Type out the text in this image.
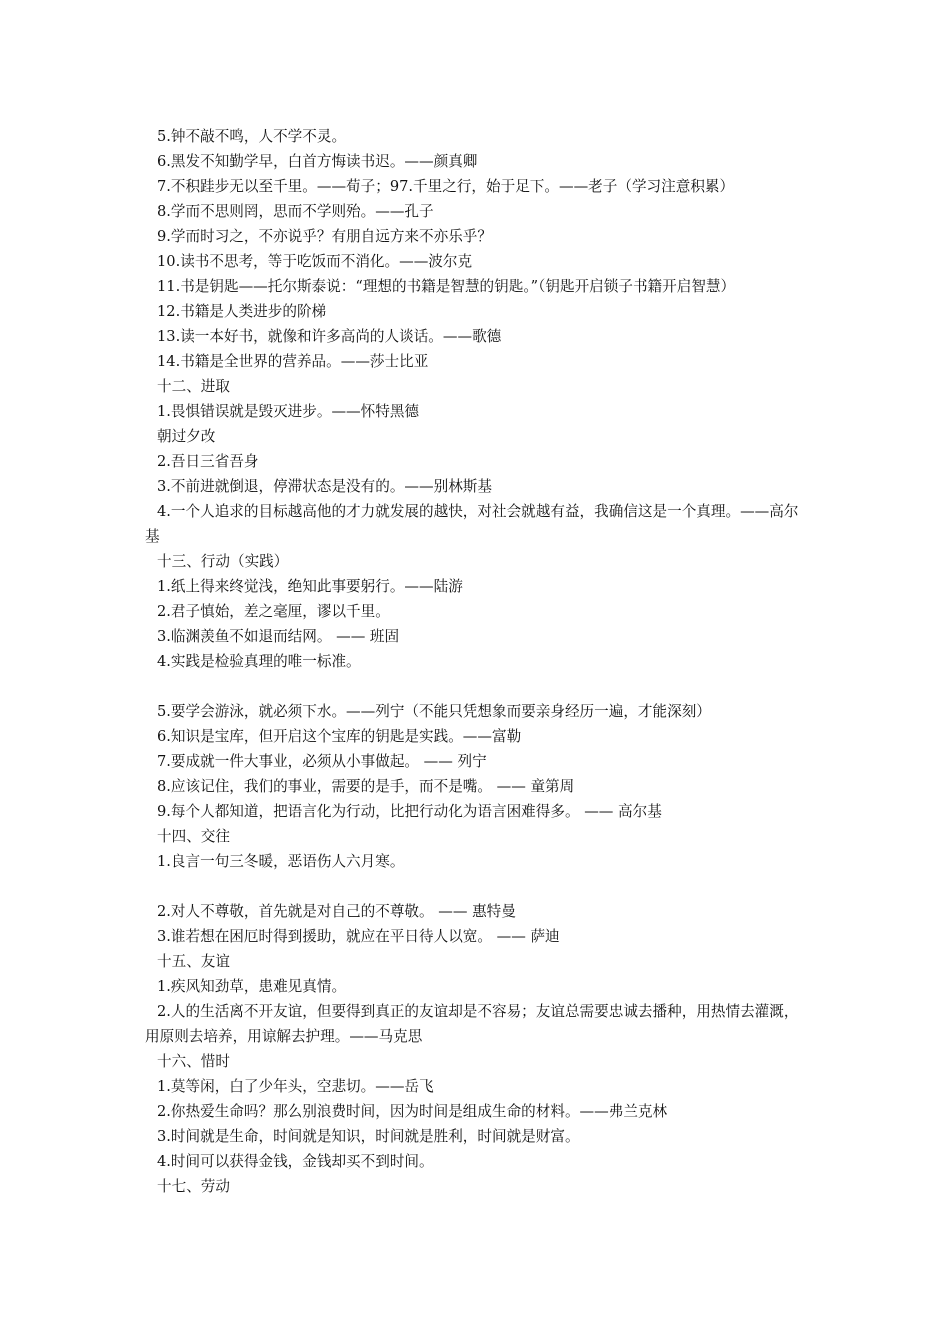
5.钟不敲不鸣，人不学不灵。
6.黑发不知勤学早，白首方悔读书迟。——颜真卿
7.不积跬步无以至千里。——荀子；97.千里之行，始于足下。——老子（学习注意积累）
8.学而不思则罔，思而不学则殆。——孔子
9.学而时习之，不亦说乎？有朋自远方来不亦乐乎？
10.读书不思考，等于吃饭而不消化。——波尔克
11.书是钥匙——托尔斯泰说：“理想的书籍是智慧的钥匙。”（钥匙开启锁子书籍开启智慧）
12.书籍是人类进步的阶梯
13.读一本好书，就像和许多高尚的人谈话。——歌德
14.书籍是全世界的营养品。——莎士比亚
十二、进取
1.畏惧错误就是毁灭进步。——怀特黑德
朝过夕改
2.吾日三省吾身
3.不前进就倒退，停滞状态是没有的。——别林斯基
4.一个人追求的目标越高他的才力就发展的越快，对社会就越有益，我确信这是一个真理。——高尔基
十三、行动（实践）
1.纸上得来终觉浅，绝知此事要躬行。——陆游
2.君子慎始，差之毫厘，谬以千里。
3.临渊羡鱼不如退而结网。 —— 班固
4.实践是检验真理的唯一标准。
5.要学会游泳，就必须下水。——列宁（不能只凭想象而要亲身经历一遍，才能深刻）
6.知识是宝库，但开启这个宝库的钥匙是实践。——富勒
7.要成就一件大事业，必须从小事做起。 —— 列宁
8.应该记住，我们的事业，需要的是手，而不是嘴。 —— 童第周
9.每个人都知道，把语言化为行动，比把行动化为语言困难得多。 —— 高尔基
十四、交往
1.良言一句三冬暖，恶语伤人六月寒。
2.对人不尊敬，首先就是对自己的不尊敬。 —— 惠特曼
3.谁若想在困厄时得到援助，就应在平日待人以宽。 —— 萨迪
十五、友谊
1.疾风知劲草，患难见真情。
2.人的生活离不开友谊，但要得到真正的友谊却是不容易；友谊总需要忠诚去播种，用热情去灌溉，用原则去培养，用谅解去护理。——马克思
十六、惜时
1.莫等闲，白了少年头，空悲切。——岳飞
2.你热爱生命吗？那么别浪费时间，因为时间是组成生命的材料。——弗兰克林
3.时间就是生命，时间就是知识，时间就是胜利，时间就是财富。
4.时间可以获得金钱，金钱却买不到时间。
十七、劳动
